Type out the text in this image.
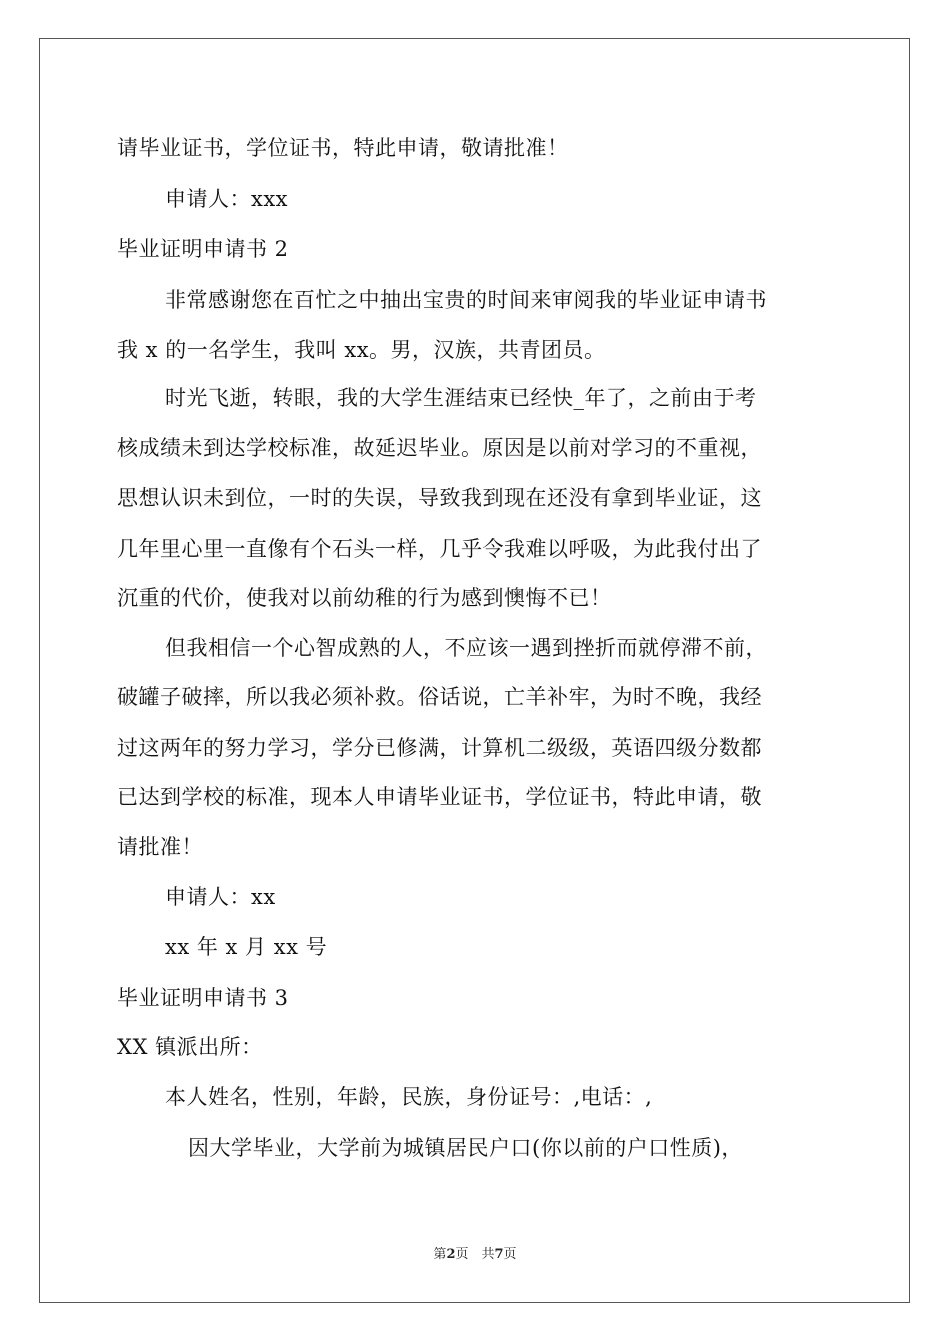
请毕业证书，学位证书，特此申请，敬请批准！
申请人：xxx
毕业证明申请书 2
非常感谢您在百忙之中抽出宝贵的时间来审阅我的毕业证申请书
我 x 的一名学生，我叫 xx。男，汉族，共青团员。
时光飞逝，转眼，我的大学生涯结束已经快_年了，之前由于考
核成绩未到达学校标准，故延迟毕业。原因是以前对学习的不重视，
思想认识未到位，一时的失误，导致我到现在还没有拿到毕业证，这
几年里心里一直像有个石头一样，几乎令我难以呼吸，为此我付出了
沉重的代价，使我对以前幼稚的行为感到懊悔不已！
但我相信一个心智成熟的人，不应该一遇到挫折而就停滞不前，
破罐子破摔，所以我必须补救。俗话说，亡羊补牢，为时不晚，我经
过这两年的努力学习，学分已修满，计算机二级级，英语四级分数都
已达到学校的标准，现本人申请毕业证书，学位证书，特此申请，敬
请批准！
申请人：xx
xx 年 x 月 xx 号
毕业证明申请书 3
XX 镇派出所：
本人姓名，性别，年龄，民族，身份证号：,电话：,
因大学毕业，大学前为城镇居民户口(你以前的户口性质)，
第2页　共7页
